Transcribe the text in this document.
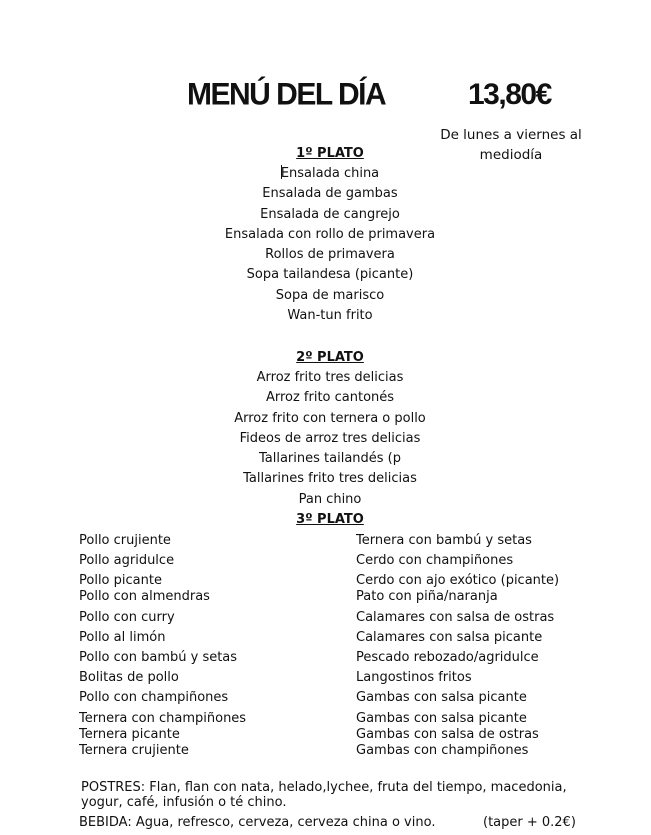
MENÚ DEL DÍA	13,80€
De lunes a viernes al mediodía
1º PLATO
Ensalada china
Ensalada de gambas
Ensalada de cangrejo
Ensalada con rollo de primavera
Rollos de primavera
Sopa tailandesa (picante)
Sopa de marisco
Wan-tun frito
2º PLATO
Arroz frito tres delicias
Arroz frito cantonés
Arroz frito con ternera o pollo
Fideos de arroz tres delicias
Tallarines tailandés (p
Tallarines frito tres delicias
Pan chino
3º PLATO
Pollo crujiente
Pollo agridulce
Pollo picante
Pollo con almendras
Pollo con curry
Pollo al limón
Pollo con bambú y setas
Bolitas de pollo
Pollo con champiñones
Ternera con champiñones
Ternera picante
Ternera crujiente
Ternera con bambú y setas
Cerdo con champiñones
Cerdo con ajo exótico (picante)
Pato con piña/naranja
Calamares con salsa de ostras
Calamares con salsa picante
Pescado rebozado/agridulce
Langostinos fritos
Gambas con salsa picante
Gambas con salsa picante
Gambas con salsa de ostras
Gambas con champiñones
POSTRES: Flan, flan con nata, helado,lychee, fruta del tiempo, macedonia, yogur, café, infusión o té chino.
BEBIDA: Agua, refresco, cerveza, cerveza china o vino.	(taper + 0.2€)
